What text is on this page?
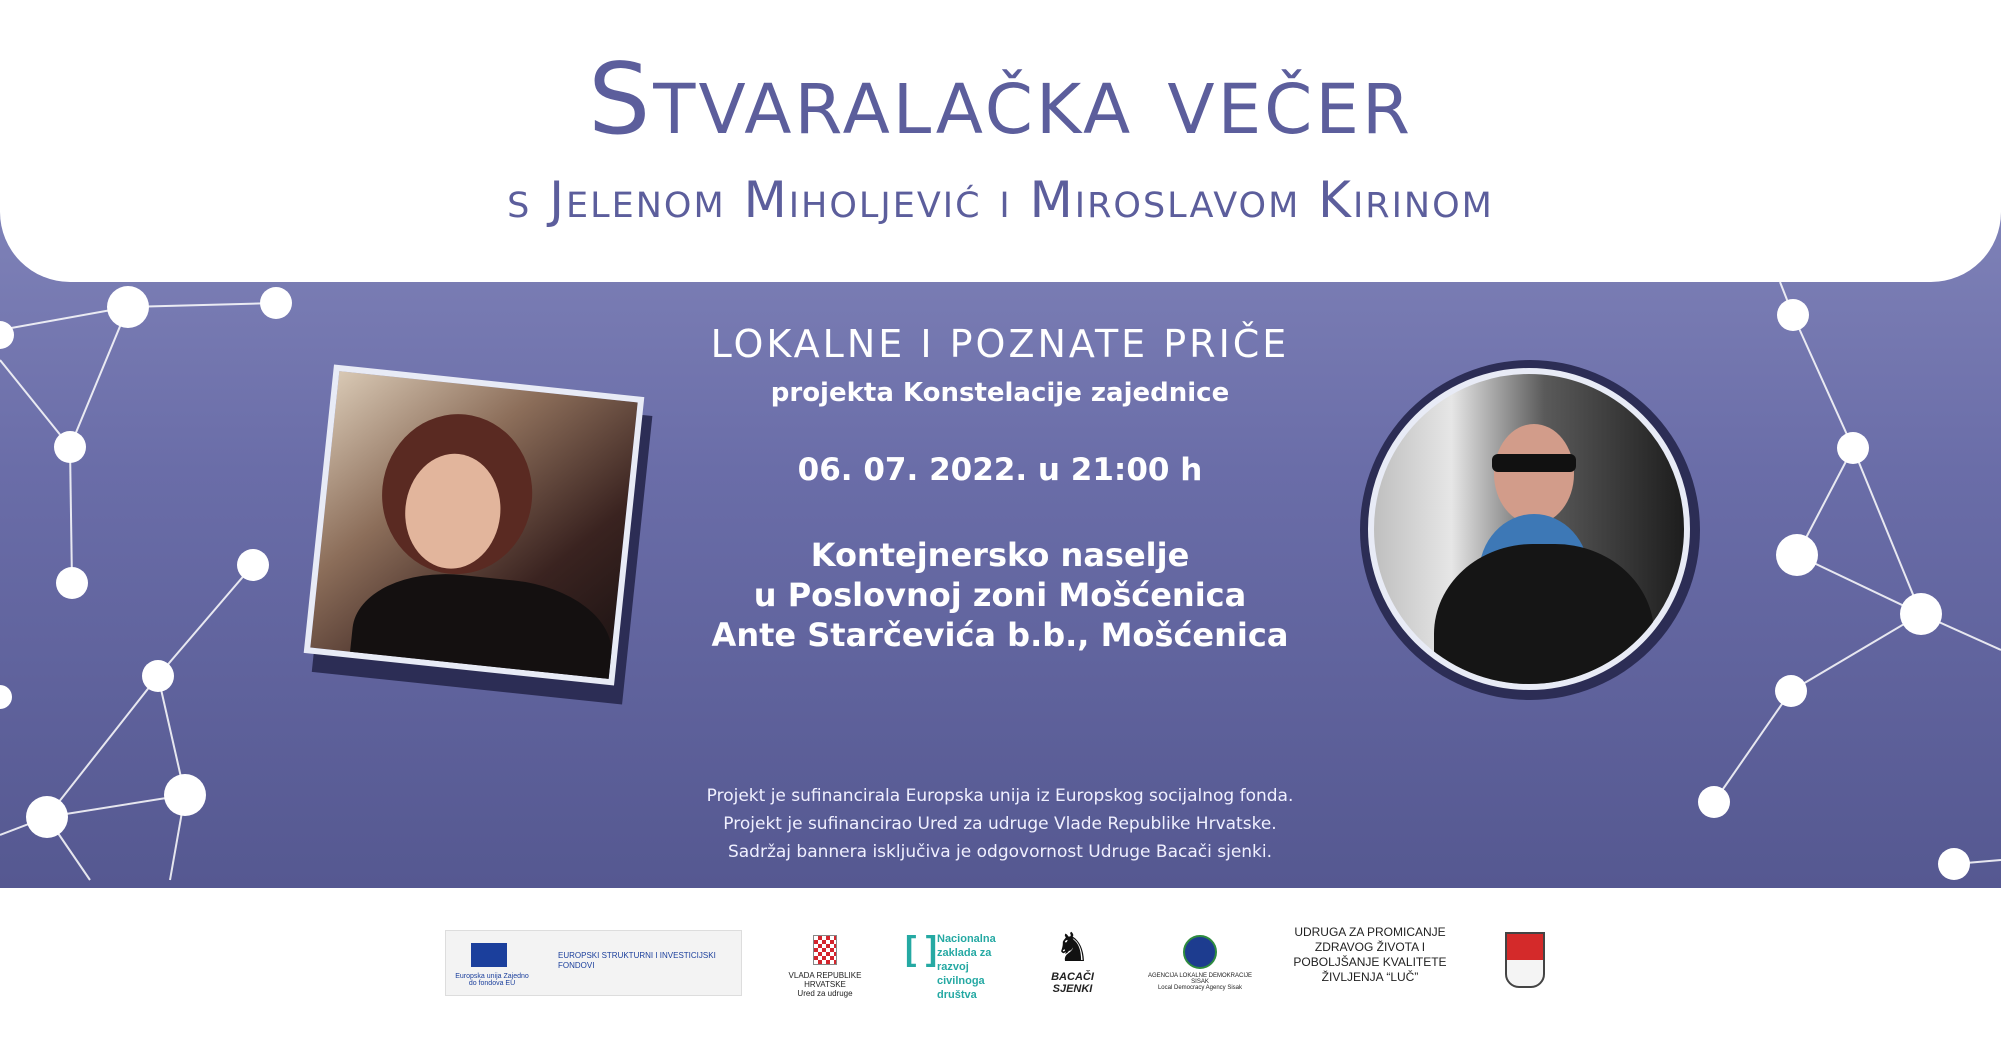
Stvaralačka večer
s Jelenom Miholjević i Miroslavom Kirinom
LOKALNE I POZNATE PRIČE
projekta Konstelacije zajednice
06. 07. 2022. u 21:00 h
Kontejnersko naselje
u Poslovnoj zoni Mošćenica
Ante Starčevića b.b., Mošćenica
Projekt je sufinancirala Europska unija iz Europskog socijalnog fonda.
Projekt je sufinancirao Ured za udruge Vlade Republike Hrvatske.
Sadržaj bannera isključiva je odgovornost Udruge Bacači sjenki.
Europska unija Zajedno do fondova EU
EUROPSKI STRUKTURNI I INVESTICIJSKI FONDOVI
VLADA REPUBLIKE HRVATSKE
Ured za udruge
[ ] Nacionalna zaklada za razvoj civilnoga društva
♞
BACAČI SJENKI
AGENCIJA LOKALNE DEMOKRACIJE SISAK
Local Democracy Agency Sisak
UDRUGA ZA PROMICANJE ZDRAVOG ŽIVOTA I POBOLJŠANJE KVALITETE ŽIVLJENJA “LUČ”
